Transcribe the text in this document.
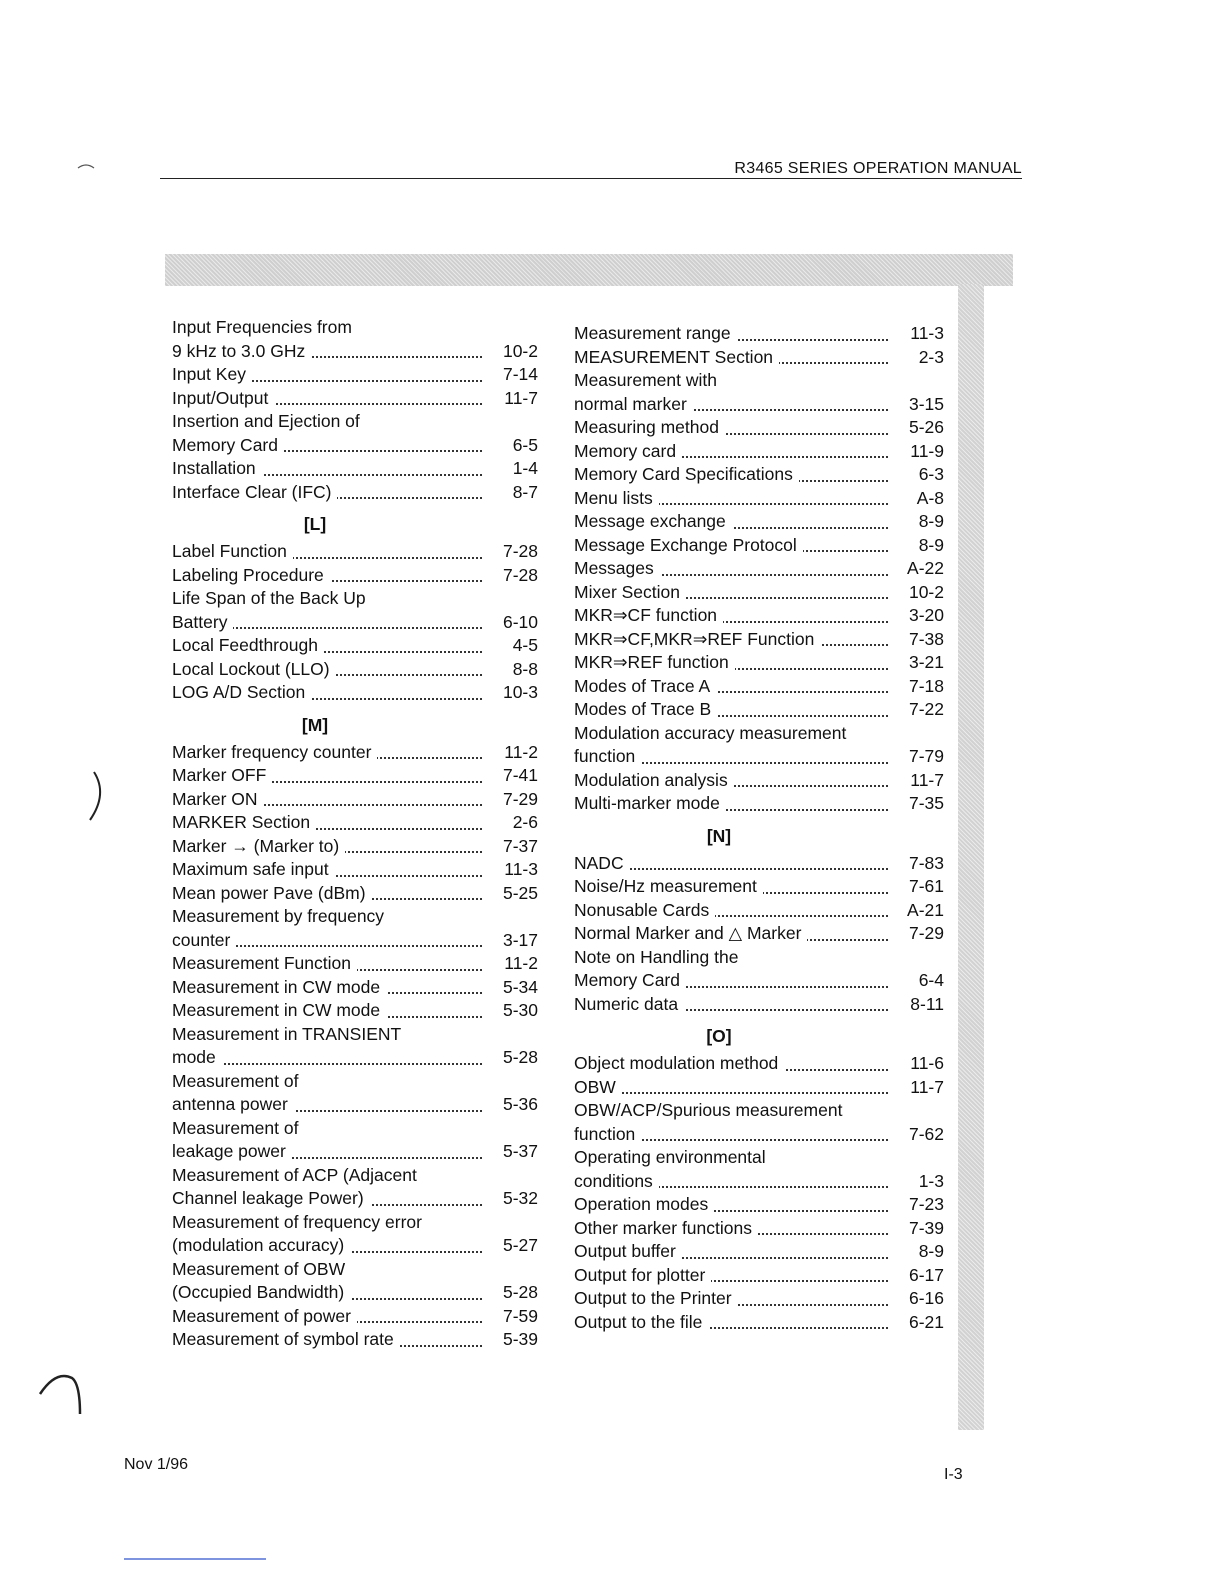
R3465 SERIES OPERATION MANUAL
Input Frequencies from
9 kHz to 3.0 GHz	10-2
Input Key	7-14
Input/Output	11-7
Insertion and Ejection of
Memory Card	6-5
Installation	1-4
Interface Clear (IFC)	8-7
[L]
Label Function	7-28
Labeling Procedure	7-28
Life Span of the Back Up
Battery	6-10
Local Feedthrough	4-5
Local Lockout (LLO)	8-8
LOG A/D Section	10-3
[M]
Marker frequency counter	11-2
Marker OFF	7-41
Marker ON	7-29
MARKER Section	2-6
Marker → (Marker to)	7-37
Maximum safe input	11-3
Mean power Pave (dBm)	5-25
Measurement by frequency
counter	3-17
Measurement Function	11-2
Measurement in CW mode	5-34
Measurement in CW mode	5-30
Measurement in TRANSIENT
mode	5-28
Measurement of
antenna power	5-36
Measurement of
leakage power	5-37
Measurement of ACP (Adjacent
Channel leakage Power)	5-32
Measurement of frequency error
(modulation accuracy)	5-27
Measurement of OBW
(Occupied Bandwidth)	5-28
Measurement of power	7-59
Measurement of symbol rate	5-39
Measurement range	11-3
MEASUREMENT Section	2-3
Measurement with
normal marker	3-15
Measuring method	5-26
Memory card	11-9
Memory Card Specifications	6-3
Menu lists	A-8
Message exchange	8-9
Message Exchange Protocol	8-9
Messages	A-22
Mixer Section	10-2
MKR⇒CF function	3-20
MKR⇒CF,MKR⇒REF Function	7-38
MKR⇒REF function	3-21
Modes of Trace A	7-18
Modes of Trace B	7-22
Modulation accuracy measurement
function	7-79
Modulation analysis	11-7
Multi-marker mode	7-35
[N]
NADC	7-83
Noise/Hz measurement	7-61
Nonusable Cards	A-21
Normal Marker and △ Marker	7-29
Note on Handling the
Memory Card	6-4
Numeric data	8-11
[O]
Object modulation method	11-6
OBW	11-7
OBW/ACP/Spurious measurement
function	7-62
Operating environmental
conditions	1-3
Operation modes	7-23
Other marker functions	7-39
Output buffer	8-9
Output for plotter	6-17
Output to the Printer	6-16
Output to the file	6-21
Nov 1/96
I-3
